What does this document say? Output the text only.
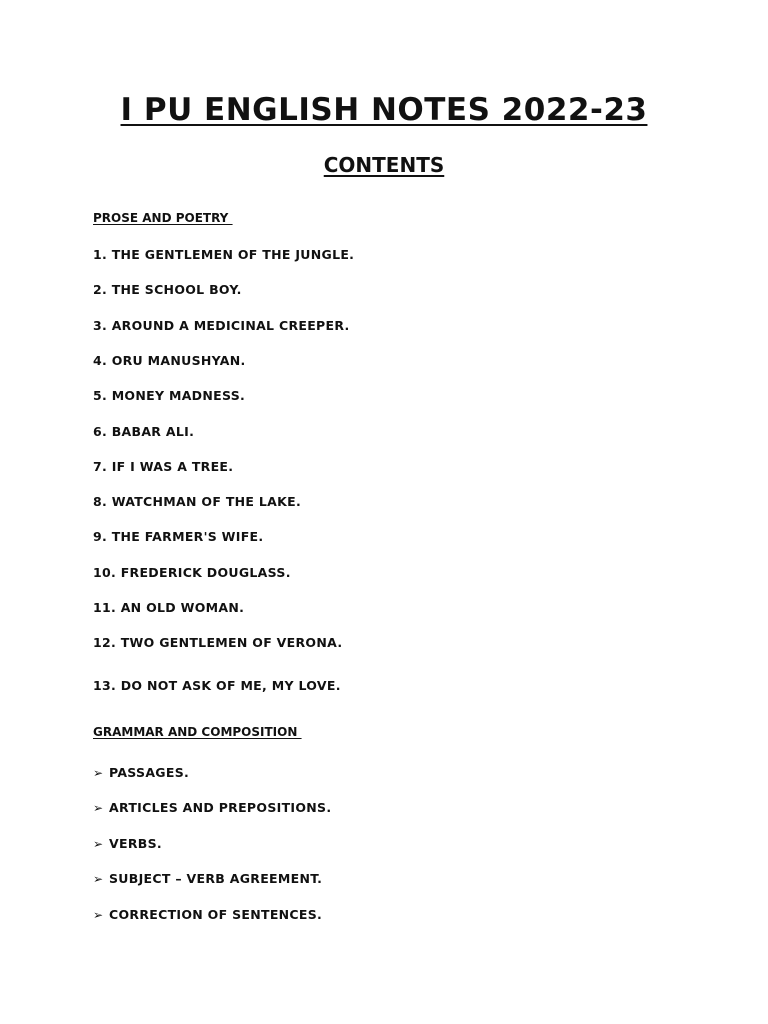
I PU ENGLISH NOTES 2022-23
CONTENTS
PROSE AND POETRY

1. THE GENTLEMEN OF THE JUNGLE.

2. THE SCHOOL BOY.

3. AROUND A MEDICINAL CREEPER.

4. ORU MANUSHYAN.

5. MONEY MADNESS.

6. BABAR ALI.

7. IF I WAS A TREE.

8. WATCHMAN OF THE LAKE.

9. THE FARMER'S WIFE.

10. FREDERICK DOUGLASS.

11. AN OLD WOMAN.

12. TWO GENTLEMEN OF VERONA.

13. DO NOT ASK OF ME, MY LOVE.

GRAMMAR AND COMPOSITION
➢ PASSAGES.
➢ ARTICLES AND PREPOSITIONS.
➢ VERBS.
➢ SUBJECT – VERB AGREEMENT.
➢ CORRECTION OF SENTENCES.
